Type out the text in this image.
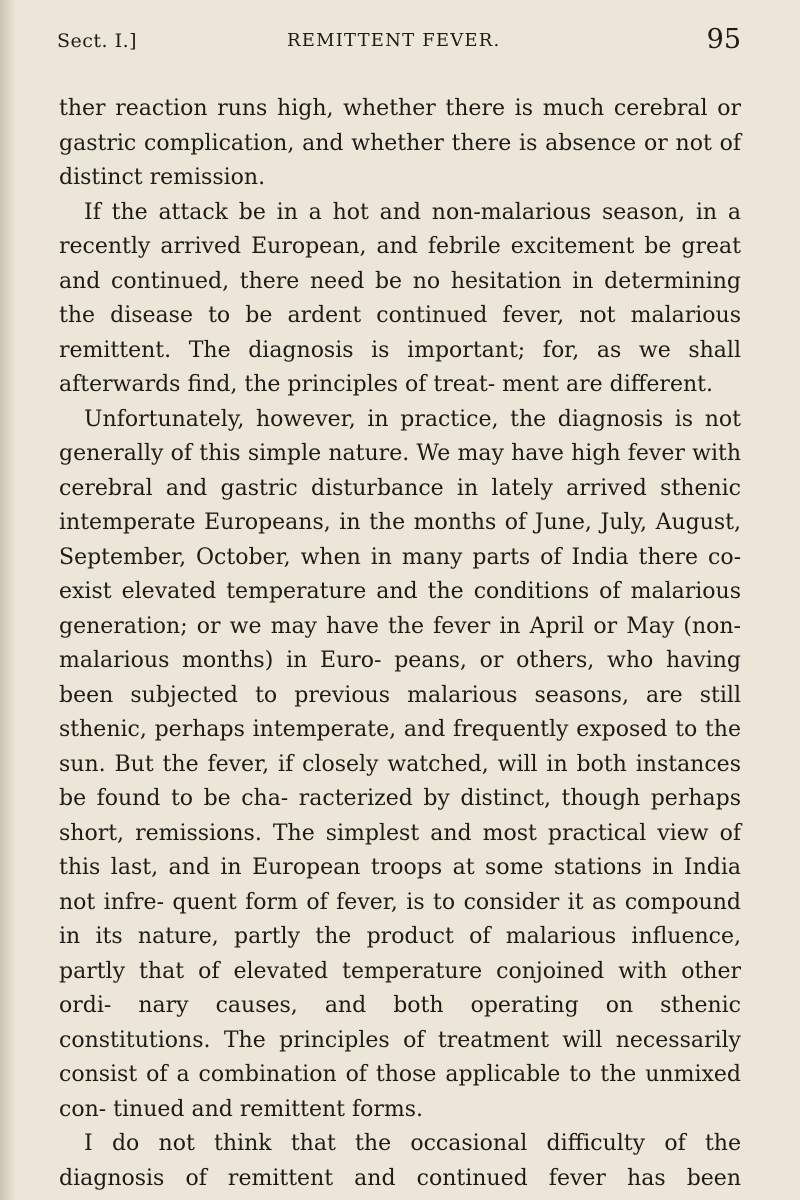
Sect. I.]	REMITTENT FEVER.	95

ther reaction runs high, whether there is much cerebral or gastric complication, and whether there is absence or not of distinct remission.

If the attack be in a hot and non-malarious season, in a recently arrived European, and febrile excitement be great and continued, there need be no hesitation in determining the disease to be ardent continued fever, not malarious remittent. The diagnosis is important; for, as we shall afterwards find, the principles of treat- ment are different.

Unfortunately, however, in practice, the diagnosis is not generally of this simple nature. We may have high fever with cerebral and gastric disturbance in lately arrived sthenic intemperate Europeans, in the months of June, July, August, September, October, when in many parts of India there co-exist elevated temperature and the conditions of malarious generation; or we may have the fever in April or May (non-malarious months) in Euro- peans, or others, who having been subjected to previous malarious seasons, are still sthenic, perhaps intemperate, and frequently exposed to the sun. But the fever, if closely watched, will in both instances be found to be cha- racterized by distinct, though perhaps short, remissions. The simplest and most practical view of this last, and in European troops at some stations in India not infre- quent form of fever, is to consider it as compound in its nature, partly the product of malarious influence, partly that of elevated temperature conjoined with other ordi- nary causes, and both operating on sthenic constitutions. The principles of treatment will necessarily consist of a combination of those applicable to the unmixed con- tinued and remittent forms.

I do not think that the occasional difficulty of the diagnosis of remittent and continued fever has been
